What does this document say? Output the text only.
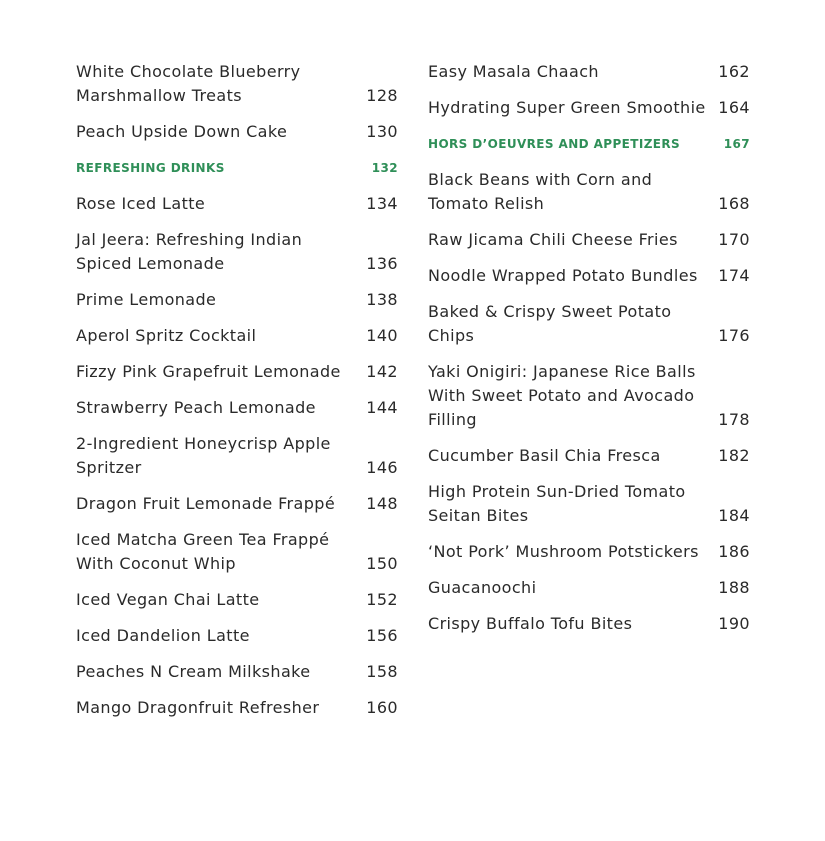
White Chocolate Blueberry
Marshmallow Treats	128
Peach Upside Down Cake	130
REFRESHING DRINKS	132
Rose Iced Latte	134
Jal Jeera: Refreshing Indian
Spiced Lemonade	136
Prime Lemonade	138
Aperol Spritz Cocktail	140
Fizzy Pink Grapefruit Lemonade	142
Strawberry Peach Lemonade	144
2-Ingredient Honeycrisp Apple
Spritzer	146
Dragon Fruit Lemonade Frappé	148
Iced Matcha Green Tea Frappé
With Coconut Whip	150
Iced Vegan Chai Latte	152
Iced Dandelion Latte	156
Peaches N Cream Milkshake	158
Mango Dragonfruit Refresher	160
Easy Masala Chaach	162
Hydrating Super Green Smoothie 164
HORS D’OEUVRES AND APPETIZERS	167
Black Beans with Corn and
Tomato Relish	168
Raw Jicama Chili Cheese Fries	170
Noodle Wrapped Potato Bundles	174
Baked & Crispy Sweet Potato
Chips	176
Yaki Onigiri: Japanese Rice Balls
With Sweet Potato and Avocado
Filling	178
Cucumber Basil Chia Fresca	182
High Protein Sun-Dried Tomato
Seitan Bites	184
‘Not Pork’ Mushroom Potstickers	186
Guacanoochi	188
Crispy Buffalo Tofu Bites	190
